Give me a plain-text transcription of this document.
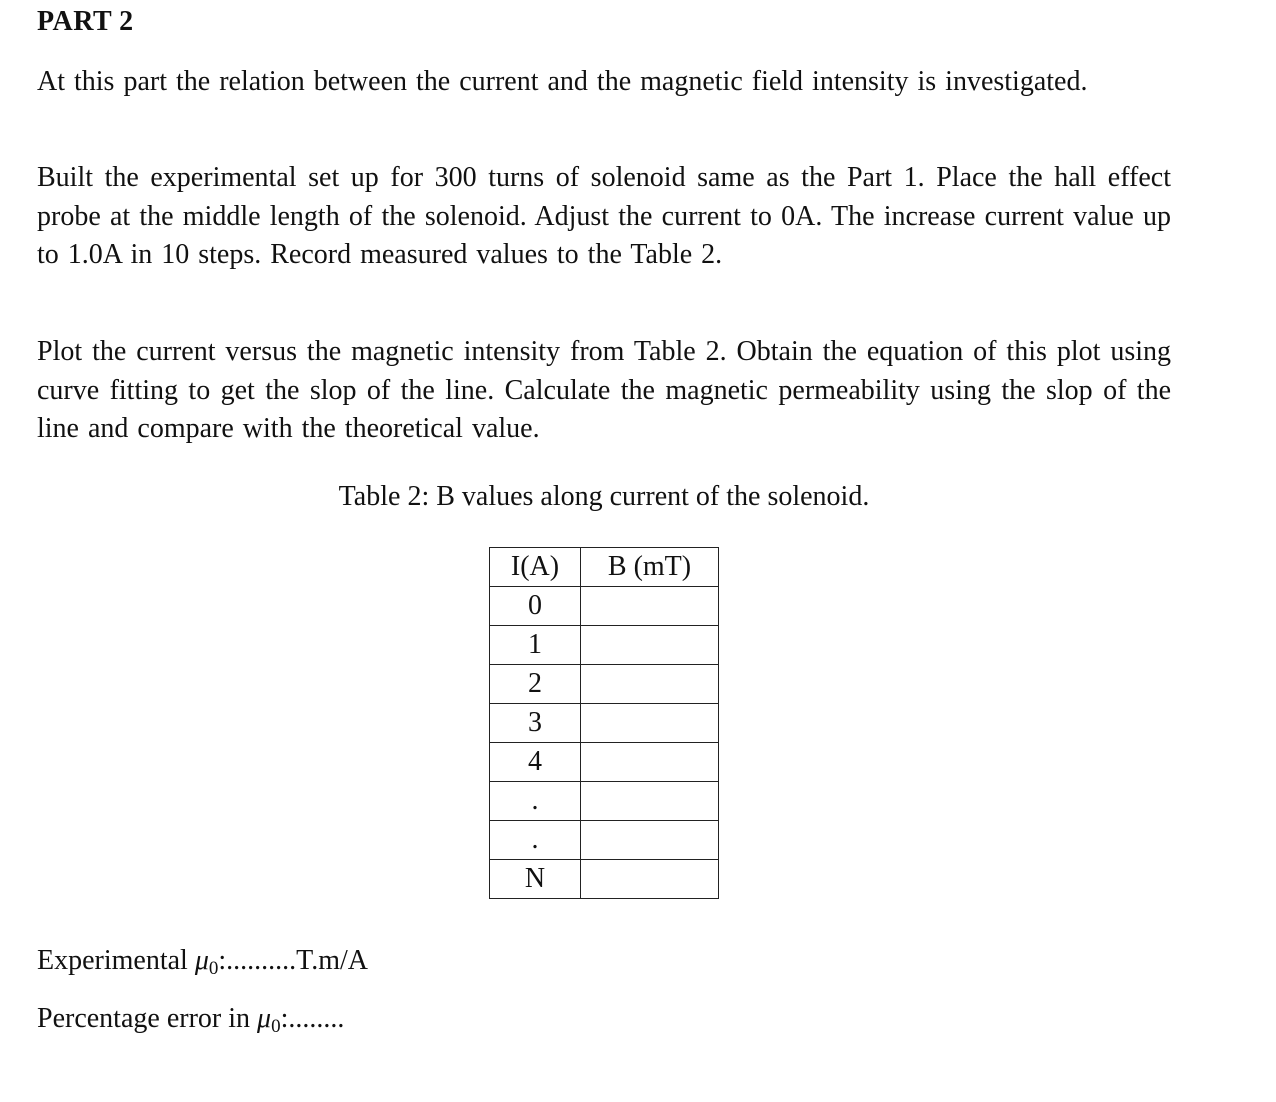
PART 2

At this part the relation between the current and the magnetic field intensity is investigated.

Built the experimental set up for 300 turns of solenoid same as the Part 1. Place the hall effect probe at the middle length of the solenoid. Adjust the current to 0A. The increase current value up to 1.0A in 10 steps. Record measured values to the Table 2.

Plot the current versus the magnetic intensity from Table 2. Obtain the equation of this plot using curve fitting to get the slop of the line. Calculate the magnetic permeability using the slop of the line and compare with the theoretical value.

Table 2: B values along current of the solenoid.
I(A)	B (mT)
0	
1	
2	
3	
4	
.	
.	
N	
Experimental $\mu_0:..........T.m/A$
Percentage error in $\mu_0$:........
